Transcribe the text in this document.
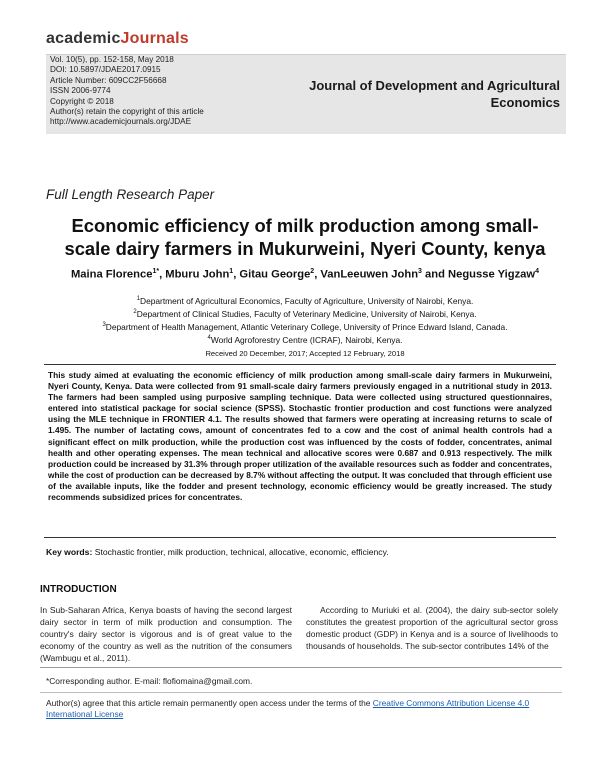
academicJournals
Vol. 10(5), pp. 152-158, May 2018
DOI: 10.5897/JDAE2017.0915
Article Number: 609CC2F56668
ISSN 2006-9774
Copyright © 2018
Author(s) retain the copyright of this article
http://www.academicjournals.org/JDAE
Journal of Development and Agricultural
Economics
Full Length Research Paper
Economic efficiency of milk production among small-
scale dairy farmers in Mukurweini, Nyeri County, kenya
Maina Florence$^{1*}$, Mburu John$^1$, Gitau George$^2$, VanLeeuwen John$^3$ and Negusse Yigzaw$^4$
$^1$Department of Agricultural Economics, Faculty of Agriculture, University of Nairobi, Kenya.
$^2$Department of Clinical Studies, Faculty of Veterinary Medicine, University of Nairobi, Kenya.
$^3$Department of Health Management, Atlantic Veterinary College, University of Prince Edward Island, Canada.
$^4$World Agroforestry Centre (ICRAF), Nairobi, Kenya.
Received 20 December, 2017; Accepted 12 February, 2018

This study aimed at evaluating the economic efficiency of milk production among small-scale dairy farmers in Mukurweini, Nyeri County, Kenya. Data were collected from 91 small-scale dairy farmers previously engaged in a nutritional study in 2013. The farmers had been sampled using purposive sampling technique. Data were collected using structured questionnaires, entered into statistical package for social science (SPSS). Stochastic frontier production and cost functions were analyzed using the MLE technique in FRONTIER 4.1. The results showed that farmers were operating at increasing returns to scale of 1.495. The number of lactating cows, amount of concentrates fed to a cow and the cost of animal health controls had a significant effect on milk production, while the production cost was influenced by the costs of fodder, concentrates, animal health and other operating expenses. The mean technical and allocative scores were 0.687 and 0.913 respectively. The milk production could be increased by 31.3% through proper utilization of the available resources such as fodder and concentrates, while the cost of production can be decreased by 8.7% without affecting the output. It was concluded that through efficient use of the available inputs, like the fodder and present technology, economic efficiency would be greatly increased. The study recommends subsidized prices for concentrates.

Key words: Stochastic frontier, milk production, technical, allocative, economic, efficiency.
INTRODUCTION
In Sub-Saharan Africa, Kenya boasts of having the second largest dairy sector in term of milk production and consumption. The country's dairy sector is vigorous and is of great value to the economy of the country as well as the nutrition of the consumers (Wambugu et al., 2011).
According to Muriuki et al. (2004), the dairy sub-sector solely constitutes the greatest proportion of the agricultural sector gross domestic product (GDP) in Kenya and is a source of livelihoods to thousands of households. The sub-sector contributes 14% of the
*Corresponding author. E-mail: flofiomaina@gmail.com.
Author(s) agree that this article remain permanently open access under the terms of the Creative Commons Attribution License 4.0 International License
